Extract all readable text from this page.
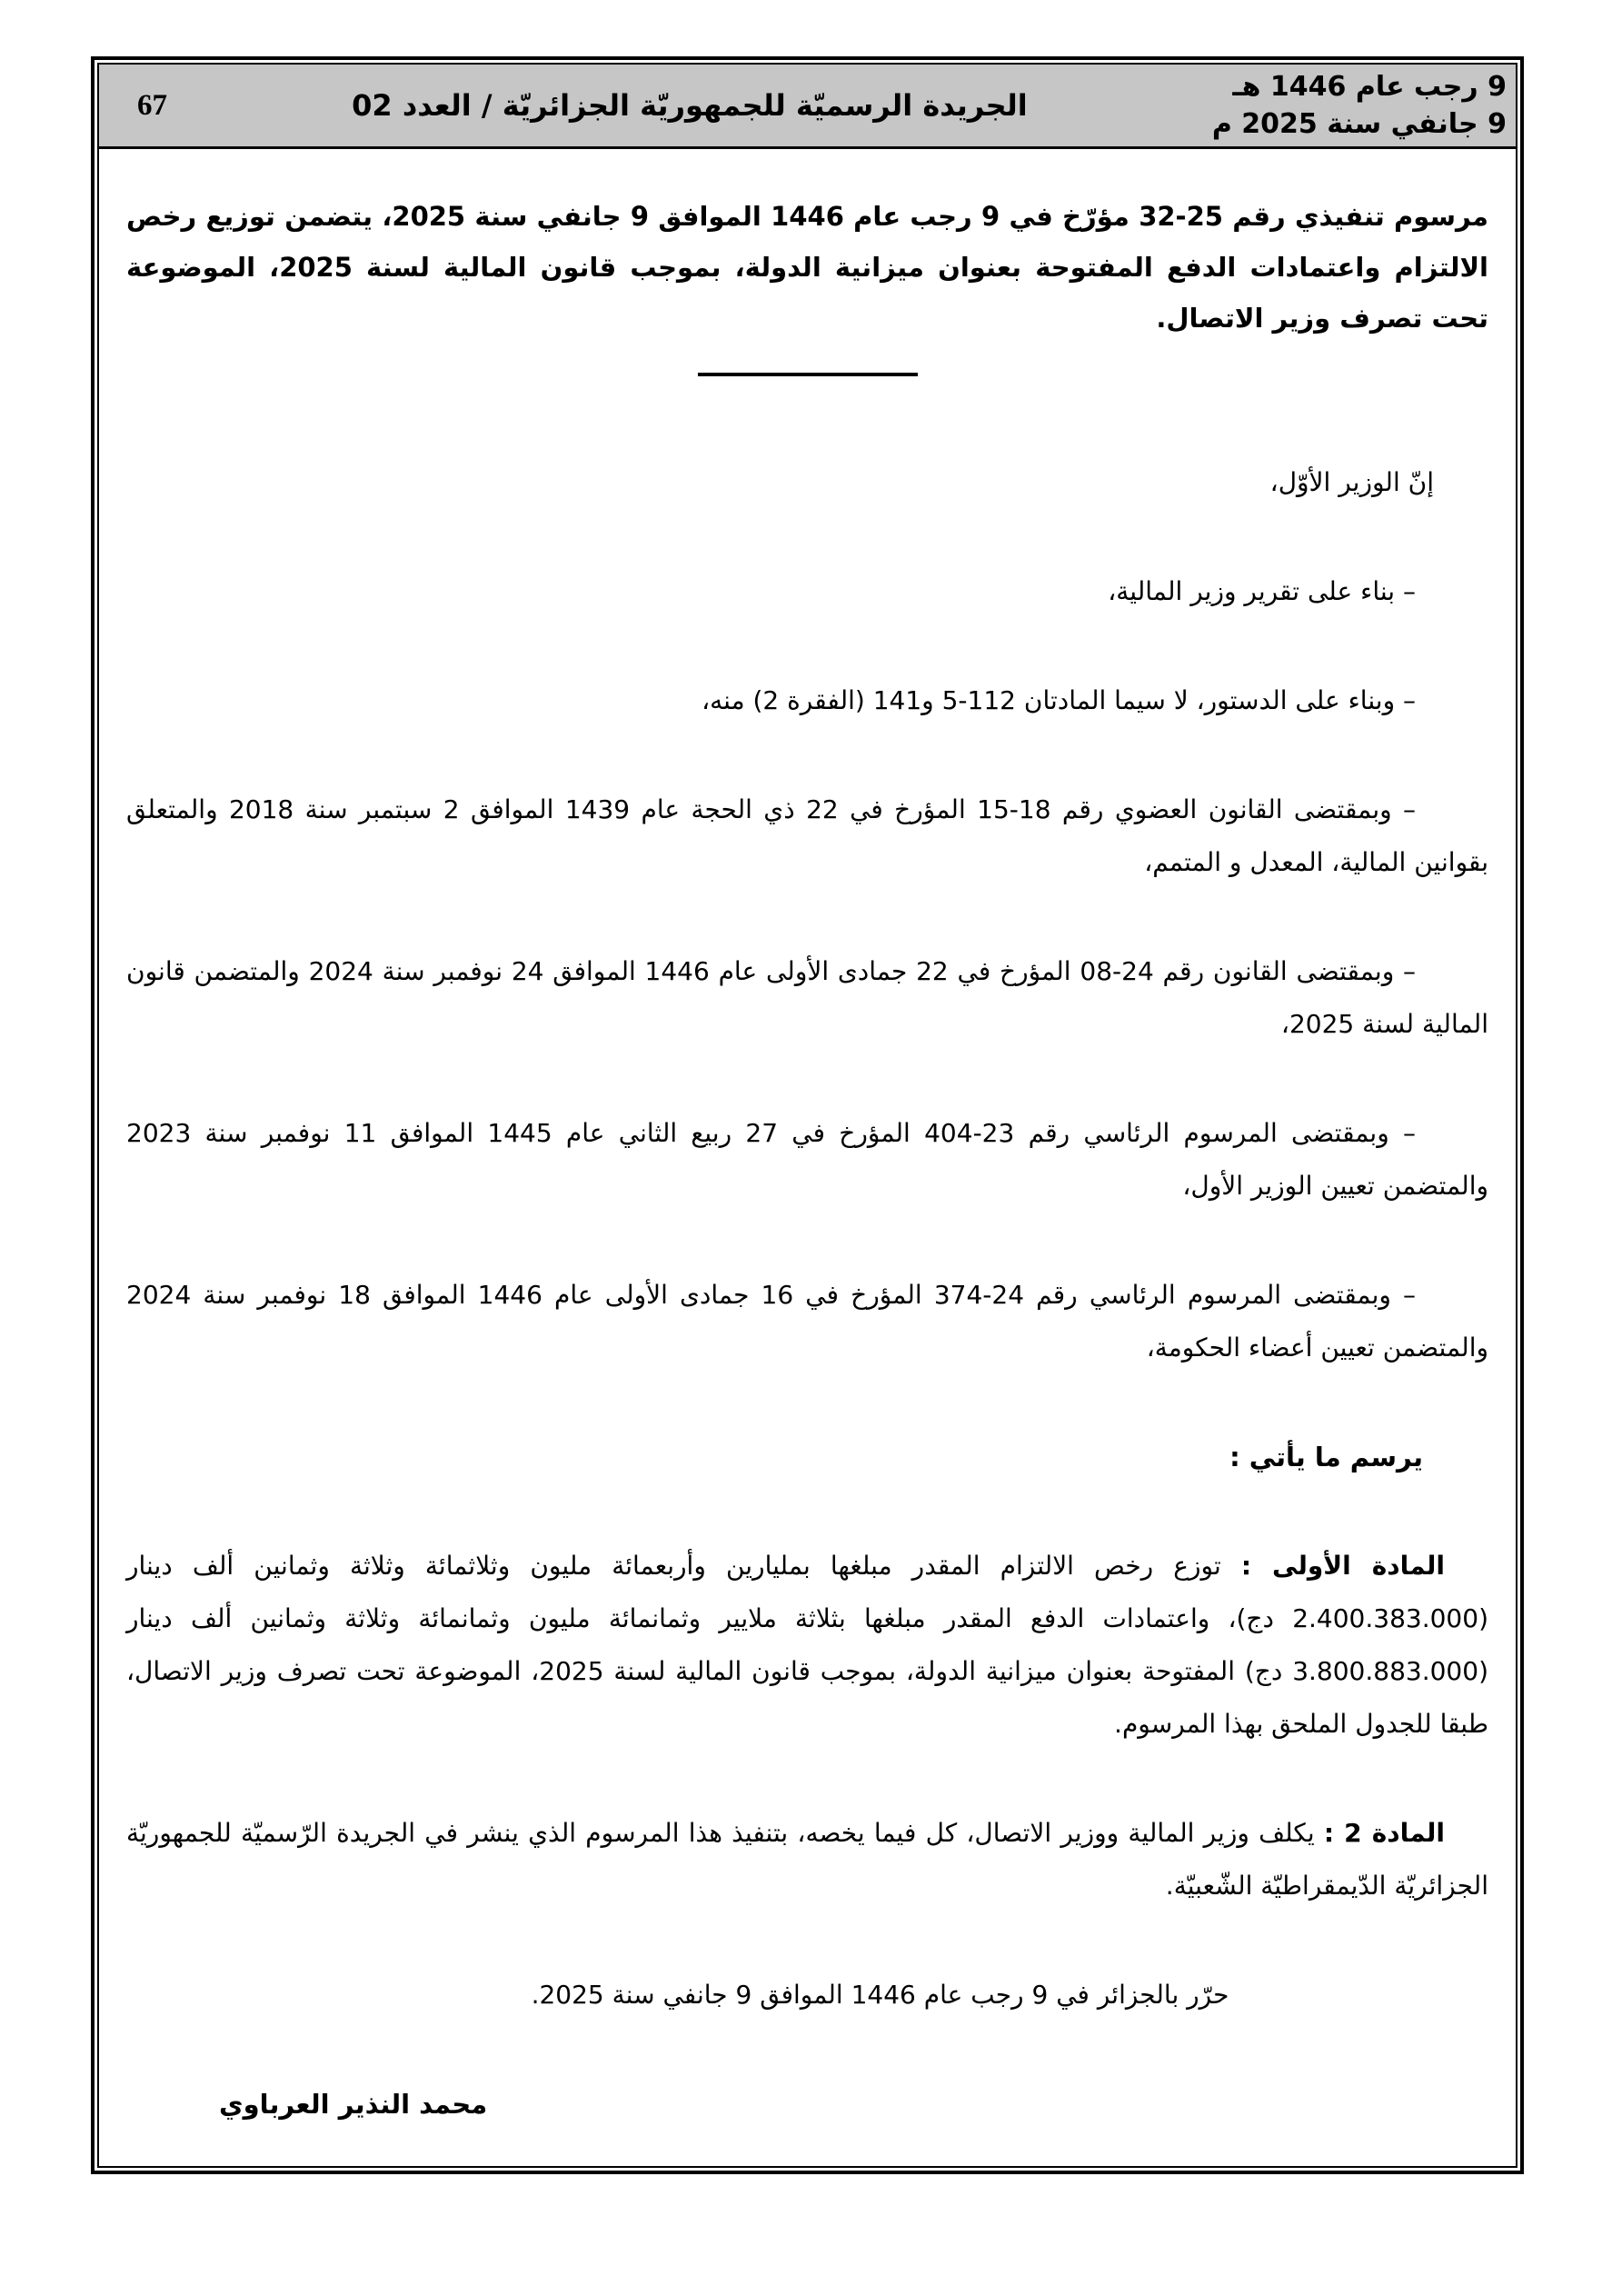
9 رجب عام 1446 هـ
9 جانفي سنة 2025 م
الجريدة الرسميّة للجمهوريّة الجزائريّة / العدد 02
67

مرسوم تنفيذي رقم 25-32 مؤرّخ في 9 رجب عام 1446 الموافق 9 جانفي سنة 2025، يتضمن توزيع رخص الالتزام واعتمادات الدفع المفتوحة بعنوان ميزانية الدولة، بموجب قانون المالية لسنة 2025، الموضوعة تحت تصرف وزير الاتصال.

إنّ الوزير الأوّل،

– بناء على تقرير وزير المالية،

– وبناء على الدستور، لا سيما المادتان 112-5 و141 (الفقرة 2) منه،

– وبمقتضى القانون العضوي رقم 18-15 المؤرخ في 22 ذي الحجة عام 1439 الموافق 2 سبتمبر سنة 2018 والمتعلق بقوانين المالية، المعدل و المتمم،

– وبمقتضى القانون رقم 24-08 المؤرخ في 22 جمادى الأولى عام 1446 الموافق 24 نوفمبر سنة 2024 والمتضمن قانون المالية لسنة 2025،

– وبمقتضى المرسوم الرئاسي رقم 23-404 المؤرخ في 27 ربيع الثاني عام 1445 الموافق 11 نوفمبر سنة 2023 والمتضمن تعيين الوزير الأول،

– وبمقتضى المرسوم الرئاسي رقم 24-374 المؤرخ في 16 جمادى الأولى عام 1446 الموافق 18 نوفمبر سنة 2024 والمتضمن تعيين أعضاء الحكومة،

يرسم ما يأتي :

المادة الأولى : توزع رخص الالتزام المقدر مبلغها بمليارين وأربعمائة مليون وثلاثمائة وثلاثة وثمانين ألف دينار (2.400.383.000 دج)، واعتمادات الدفع المقدر مبلغها بثلاثة ملايير وثمانمائة مليون وثمانمائة وثلاثة وثمانين ألف دينار (3.800.883.000 دج) المفتوحة بعنوان ميزانية الدولة، بموجب قانون المالية لسنة 2025، الموضوعة تحت تصرف وزير الاتصال، طبقا للجدول الملحق بهذا المرسوم.

المادة 2 : يكلف وزير المالية ووزير الاتصال، كل فيما يخصه، بتنفيذ هذا المرسوم الذي ينشر في الجريدة الرّسميّة للجمهوريّة الجزائريّة الدّيمقراطيّة الشّعبيّة.

حرّر بالجزائر في 9 رجب عام 1446 الموافق 9 جانفي سنة 2025.

محمد النذير العرباوي
